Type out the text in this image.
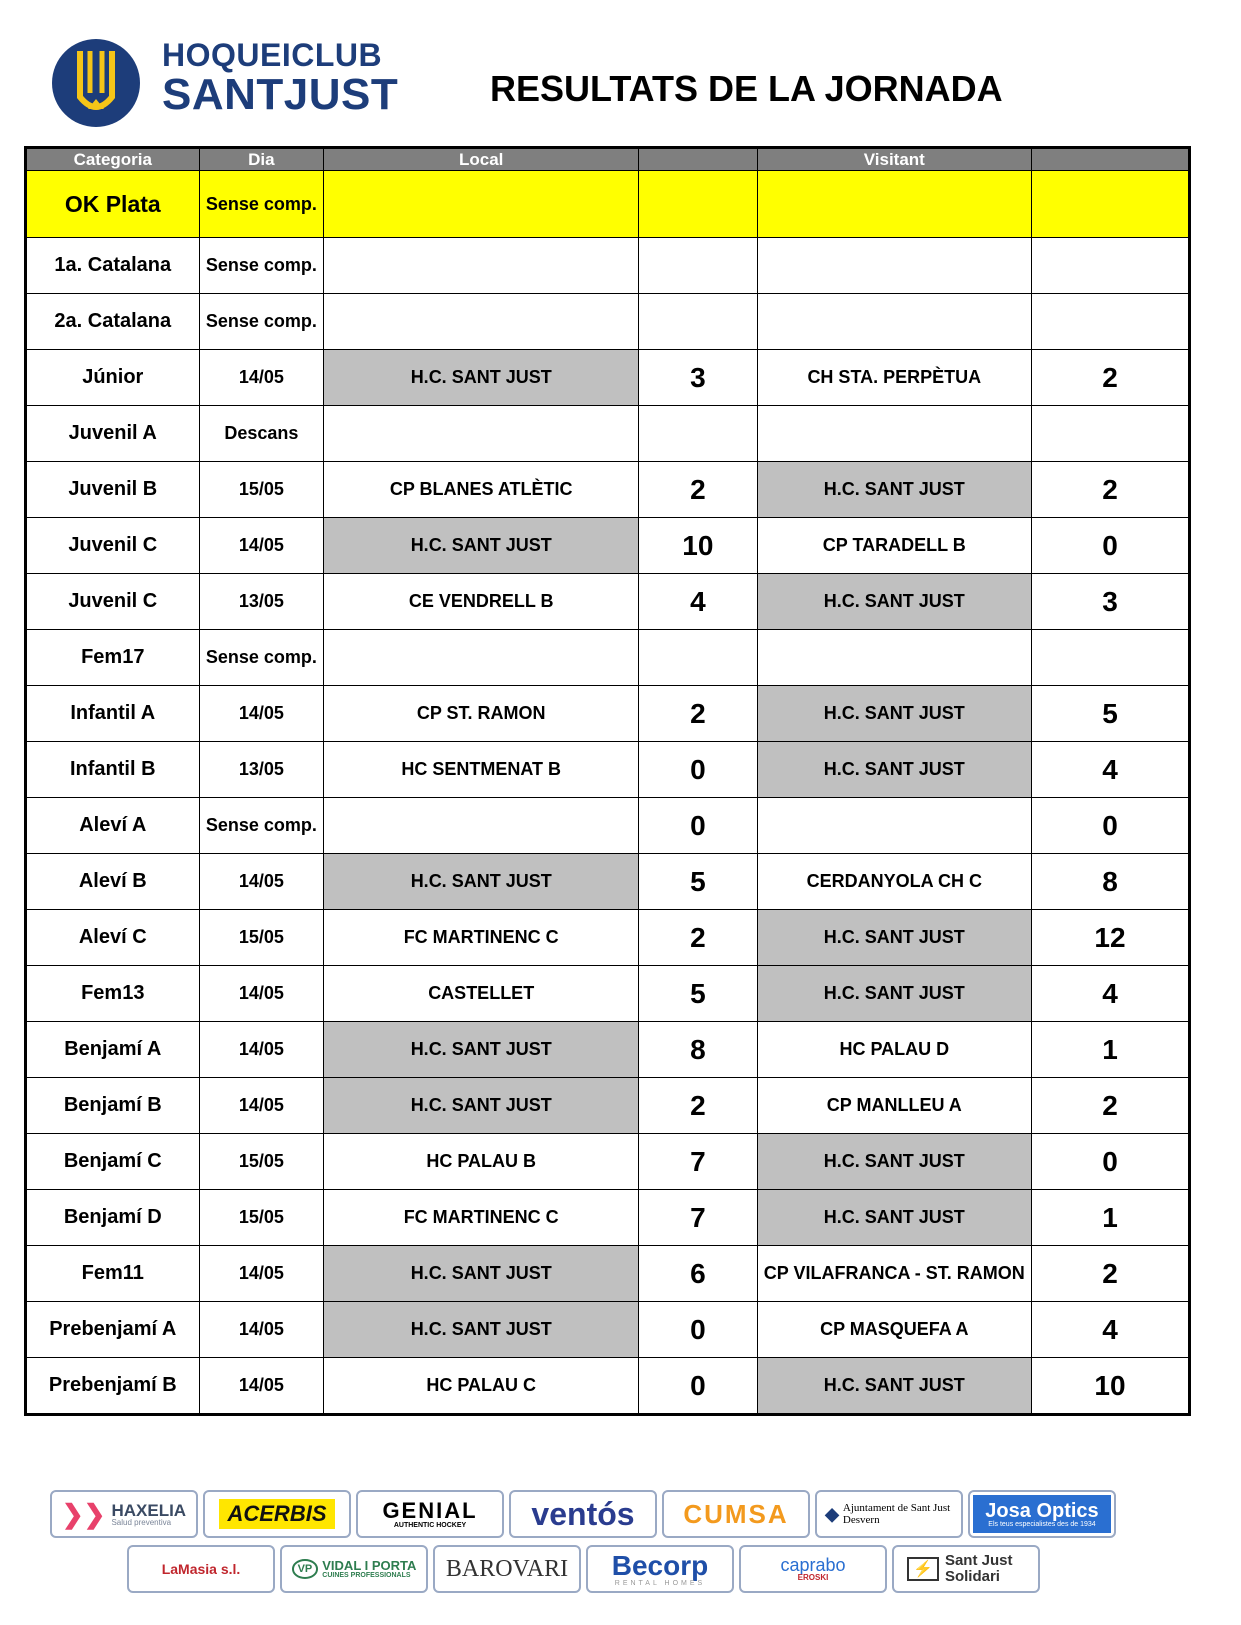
HOQUEICLUB
SANTJUST	RESULTATS DE LA JORNADA
Categoria	Dia	Local		Visitant	
OK Plata	Sense comp.				
1a. Catalana	Sense comp.				
2a. Catalana	Sense comp.				
Júnior	14/05	H.C. SANT JUST	3	CH STA. PERPÈTUA	2
Juvenil A	Descans				
Juvenil B	15/05	CP BLANES ATLÈTIC	2	H.C. SANT JUST	2
Juvenil C	14/05	H.C. SANT JUST	10	CP TARADELL B	0
Juvenil C	13/05	CE VENDRELL B	4	H.C. SANT JUST	3
Fem17	Sense comp.				
Infantil A	14/05	CP ST. RAMON	2	H.C. SANT JUST	5
Infantil B	13/05	HC SENTMENAT B	0	H.C. SANT JUST	4
Aleví A	Sense comp.		0		0
Aleví B	14/05	H.C. SANT JUST	5	CERDANYOLA CH C	8
Aleví C	15/05	FC MARTINENC C	2	H.C. SANT JUST	12
Fem13	14/05	CASTELLET	5	H.C. SANT JUST	4
Benjamí A	14/05	H.C. SANT JUST	8	HC PALAU D	1
Benjamí B	14/05	H.C. SANT JUST	2	CP MANLLEU A	2
Benjamí C	15/05	HC PALAU B	7	H.C. SANT JUST	0
Benjamí D	15/05	FC MARTINENC C	7	H.C. SANT JUST	1
Fem11	14/05	H.C. SANT JUST	6	CP VILAFRANCA - ST. RAMON	2
Prebenjamí A	14/05	H.C. SANT JUST	0	CP MASQUEFA A	4
Prebenjamí B	14/05	HC PALAU C	0	H.C. SANT JUST	10
❯❯ HAXELIA
Salud preventiva	ACERBIS	GENIAL
AUTHENTIC HOCKEY ventós CUMSA ◆ Ajuntament de Sant Just Desvern	Josa Optics
Els teus especialistes des de 1934
LaMasia s.l.	VP VIDAL I PORTA
CUINES PROFESSIONALS BAROVARI Becorp
RENTAL HOMES
caprabo
EROSKI	⚡
Sant Just Solidari
